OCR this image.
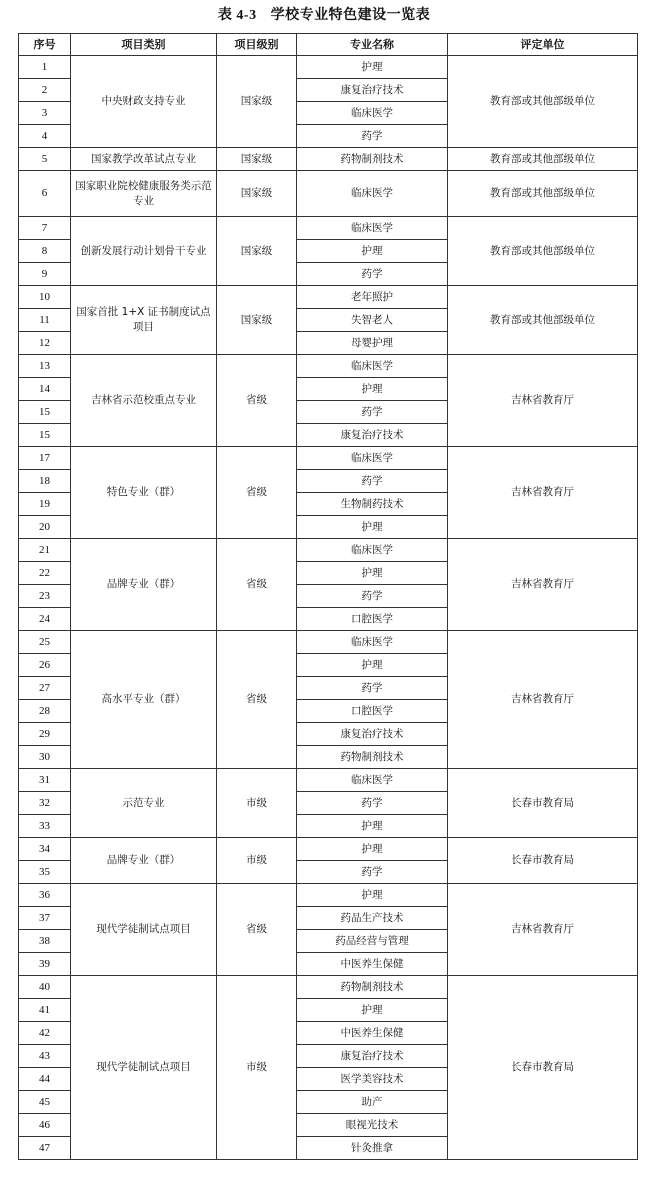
表 4-3 学校专业特色建设一览表
序号	项目类别	项目级别	专业名称	评定单位
1	中央财政支持专业	国家级	护理	教育部或其他部级单位
2			康复治疗技术	
3			临床医学	
4			药学	
5	国家教学改革试点专业	国家级	药物制剂技术	教育部或其他部级单位
6	国家职业院校健康服务类示范专业	国家级	临床医学	教育部或其他部级单位
7	创新发展行动计划骨干专业	国家级	临床医学	教育部或其他部级单位
8			护理	
9			药学	
10	国家首批 1+X 证书制度试点项目	国家级	老年照护	教育部或其他部级单位
11			失智老人	
12			母婴护理	
13	吉林省示范校重点专业	省级	临床医学	吉林省教育厅
14			护理	
15			药学	
15			康复治疗技术	
17	特色专业（群）	省级	临床医学	吉林省教育厅
18			药学	
19			生物制药技术	
20			护理	
21	品牌专业（群）	省级	临床医学	吉林省教育厅
22			护理	
23			药学	
24			口腔医学	
25	高水平专业（群）	省级	临床医学	吉林省教育厅
26			护理	
27			药学	
28			口腔医学	
29			康复治疗技术	
30			药物制剂技术	
31	示范专业	市级	临床医学	长春市教育局
32			药学	
33			护理	
34	品牌专业（群）	市级	护理	长春市教育局
35			药学	
36	现代学徒制试点项目	省级	护理	吉林省教育厅
37			药品生产技术	
38			药品经营与管理	
39			中医养生保健	
40	现代学徒制试点项目	市级	药物制剂技术	长春市教育局
41			护理	
42			中医养生保健	
43			康复治疗技术	
44			医学美容技术	
45			助产	
46			眼视光技术	
47			针灸推拿	
